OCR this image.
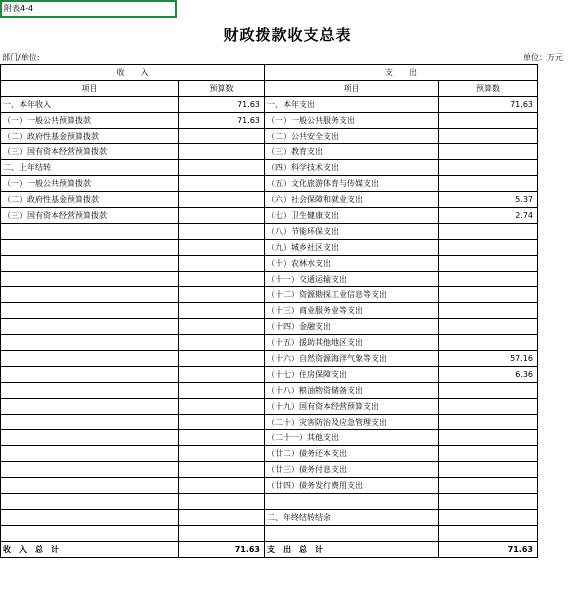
附表4-4
财政拨款收支总表
部门/单位:	单位：万元
收　　入		支　　出	
项目	预算数	项目	预算数
一、本年收入	71.63	一、本年支出	71.63
（一）一般公共预算拨款	71.63	（一）一般公共服务支出	
（二）政府性基金预算拨款		（二）公共安全支出	
（三）国有资本经营预算拨款		（三）教育支出	
二、上年结转		（四）科学技术支出	
（一）一般公共预算拨款		（五）文化旅游体育与传媒支出	
（二）政府性基金预算拨款		（六）社会保障和就业支出	5.37
（三）国有资本经营预算拨款		（七）卫生健康支出	2.74
		（八）节能环保支出	
		（九）城乡社区支出	
		（十）农林水支出	
		（十一）交通运输支出	
		（十二）资源勘探工业信息等支出	
		（十三）商业服务业等支出	
		（十四）金融支出	
		（十五）援助其他地区支出	
		（十六）自然资源海洋气象等支出	57.16
		（十七）住房保障支出	6.36
		（十八）粮油物资储备支出	
		（十九）国有资本经营预算支出	
		（二十）灾害防治及应急管理支出	
		（二十一）其他支出	
		（廿二）债务还本支出	
		（廿三）债务付息支出	
		（廿四）债务发行费用支出	

		二、年终结转结余	

收　入　总　计	71.63	支　出　总　计	71.63
